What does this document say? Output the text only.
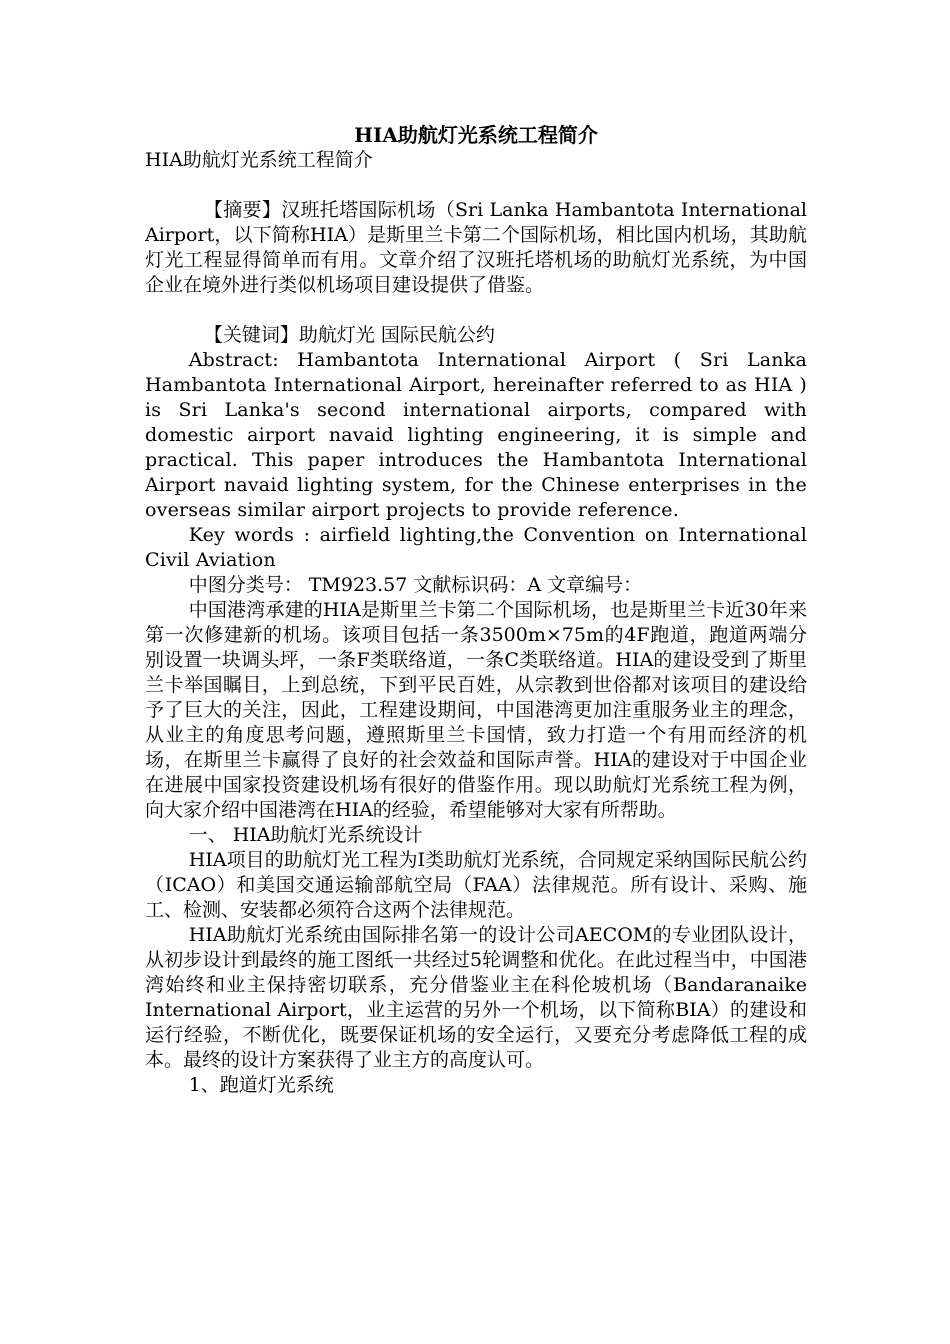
HIA助航灯光系统工程简介
HIA助航灯光系统工程简介

【摘要】汉班托塔国际机场（Sri Lanka Hambantota International Airport，以下简称HIA）是斯里兰卡第二个国际机场，相比国内机场，其助航灯光工程显得简单而有用。文章介绍了汉班托塔机场的助航灯光系统，为中国企业在境外进行类似机场项目建设提供了借鉴。

【关键词】助航灯光 国际民航公约

Abstract: Hambantota International Airport ( Sri Lanka Hambantota International Airport, hereinafter referred to as HIA ) is Sri Lanka's second international airports, compared with domestic airport navaid lighting engineering, it is simple and practical. This paper introduces the Hambantota International Airport navaid lighting system, for the Chinese enterprises in the overseas similar airport projects to provide reference.

Key words : airfield lighting,the Convention on International Civil Aviation

中图分类号： TM923.57 文献标识码：A 文章编号：

中国港湾承建的HIA是斯里兰卡第二个国际机场，也是斯里兰卡近30年来第一次修建新的机场。该项目包括一条3500m×75m的4F跑道，跑道两端分别设置一块调头坪，一条F类联络道，一条C类联络道。HIA的建设受到了斯里兰卡举国瞩目，上到总统，下到平民百姓，从宗教到世俗都对该项目的建设给予了巨大的关注，因此，工程建设期间，中国港湾更加注重服务业主的理念，从业主的角度思考问题，遵照斯里兰卡国情，致力打造一个有用而经济的机场，在斯里兰卡赢得了良好的社会效益和国际声誉。HIA的建设对于中国企业在进展中国家投资建设机场有很好的借鉴作用。现以助航灯光系统工程为例，向大家介绍中国港湾在HIA的经验，希望能够对大家有所帮助。

一、 HIA助航灯光系统设计

HIA项目的助航灯光工程为I类助航灯光系统，合同规定采纳国际民航公约（ICAO）和美国交通运输部航空局（FAA）法律规范。所有设计、采购、施工、检测、安装都必须符合这两个法律规范。

HIA助航灯光系统由国际排名第一的设计公司AECOM的专业团队设计，从初步设计到最终的施工图纸一共经过5轮调整和优化。在此过程当中，中国港湾始终和业主保持密切联系，充分借鉴业主在科伦坡机场（Bandaranaike International Airport，业主运营的另外一个机场，以下简称BIA）的建设和运行经验，不断优化，既要保证机场的安全运行，又要充分考虑降低工程的成本。最终的设计方案获得了业主方的高度认可。

1、跑道灯光系统
